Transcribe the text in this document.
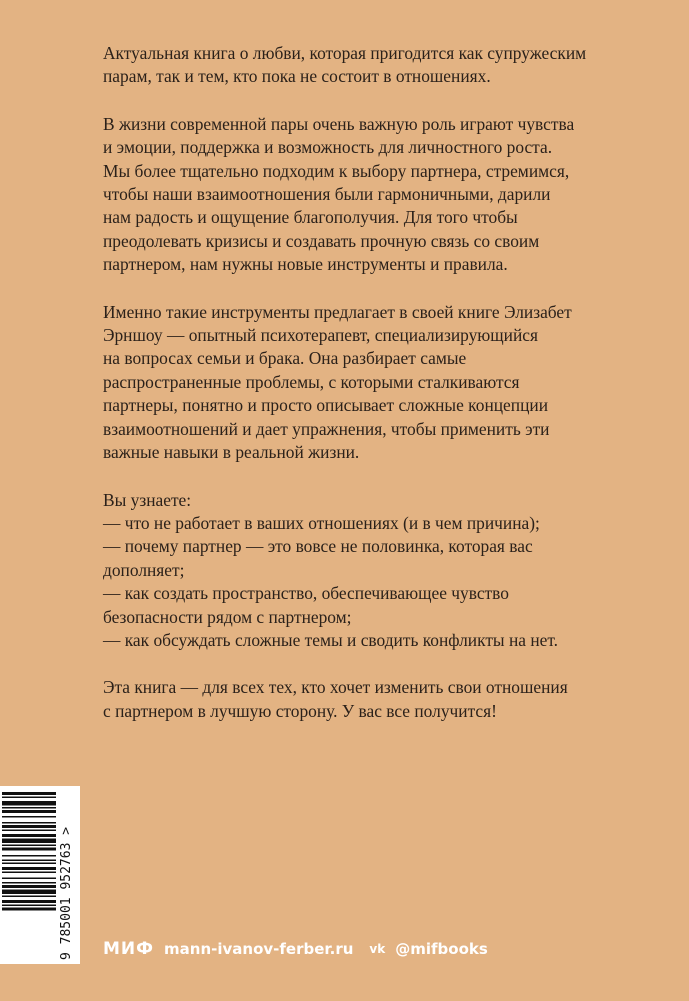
Актуальная книга о любви, которая пригодится как супружеским
парам, так и тем, кто пока не состоит в отношениях.

В жизни современной пары очень важную роль играют чувства
и эмоции, поддержка и возможность для личностного роста.
Мы более тщательно подходим к выбору партнера, стремимся,
чтобы наши взаимоотношения были гармоничными, дарили
нам радость и ощущение благополучия. Для того чтобы
преодолевать кризисы и создавать прочную связь со своим
партнером, нам нужны новые инструменты и правила.

Именно такие инструменты предлагает в своей книге Элизабет
Эрншоу — опытный психотерапевт, специализирующийся
на вопросах семьи и брака. Она разбирает самые
распространенные проблемы, с которыми сталкиваются
партнеры, понятно и просто описывает сложные концепции
взаимоотношений и дает упражнения, чтобы применить эти
важные навыки в реальной жизни.

Вы узнаете:
— что не работает в ваших отношениях (и в чем причина);
— почему партнер — это вовсе не половинка, которая вас
дополняет;
— как создать пространство, обеспечивающее чувство
безопасности рядом с партнером;
— как обсуждать сложные темы и сводить конфликты на нет.

Эта книга — для всех тех, кто хочет изменить свои отношения
с партнером в лучшую сторону. У вас все получится!

9 785001 952763 > МИФ mann-ivanov-ferber.ru vk @mifbooks
